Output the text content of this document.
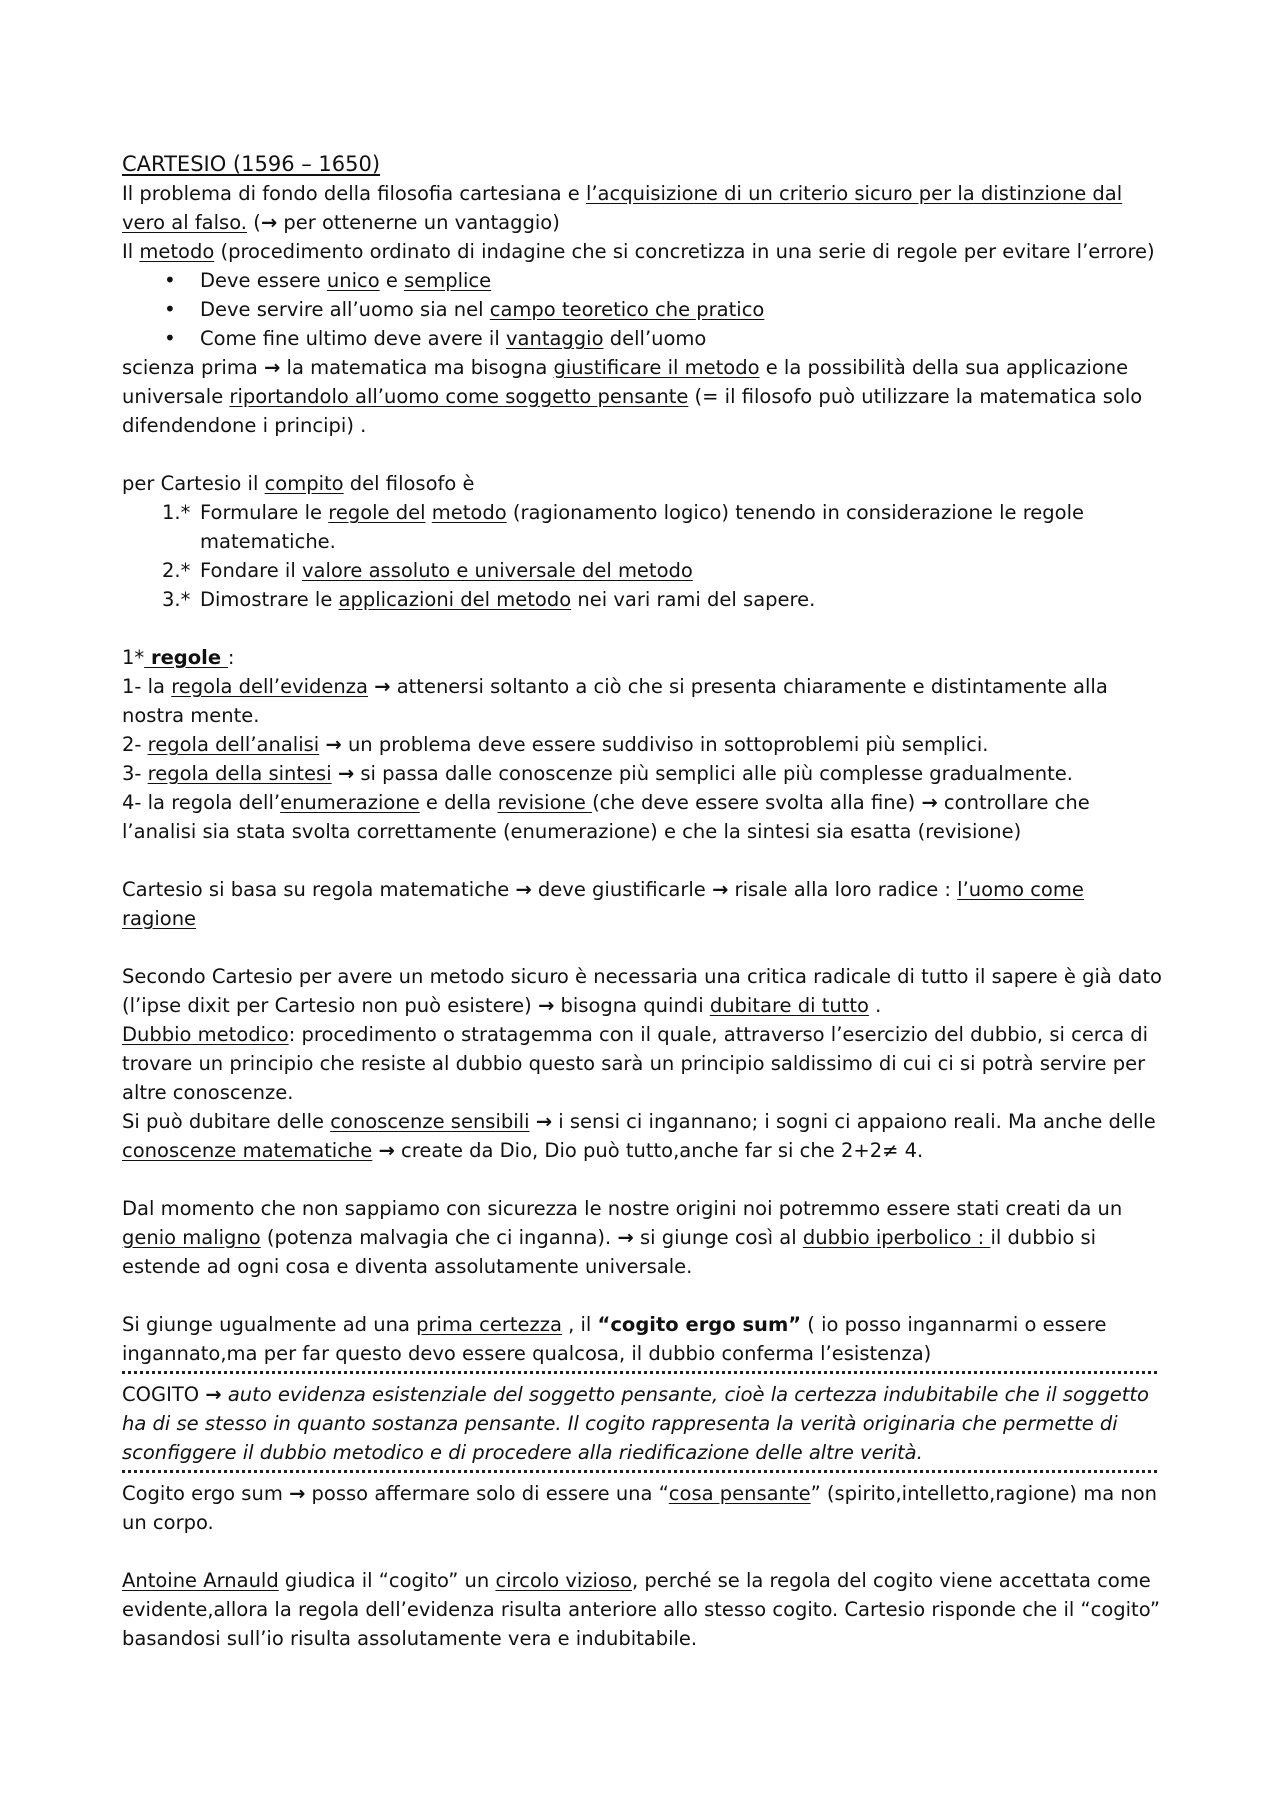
CARTESIO (1596 – 1650)

Il problema di fondo della filosofia cartesiana e l’acquisizione di un criterio sicuro per la distinzione dal vero al falso. (→ per ottenerne un vantaggio)

Il metodo (procedimento ordinato di indagine che si concretizza in una serie di regole per evitare l’errore)

• Deve essere unico e semplice
• Deve servire all’uomo sia nel campo teoretico che pratico
• Come fine ultimo deve avere il vantaggio dell’uomo

scienza prima → la matematica ma bisogna giustificare il metodo e la possibilità della sua applicazione universale riportandolo all’uomo come soggetto pensante (= il filosofo può utilizzare la matematica solo difendendone i principi) .

per Cartesio il compito del filosofo è

1.* Formulare le regole del metodo (ragionamento logico) tenendo in considerazione le regole matematiche.
2.* Fondare il valore assoluto e universale del metodo
3.* Dimostrare le applicazioni del metodo nei vari rami del sapere.

1* regole :

1- la regola dell’evidenza → attenersi soltanto a ciò che si presenta chiaramente e distintamente alla nostra mente.

2- regola dell’analisi → un problema deve essere suddiviso in sottoproblemi più semplici.

3- regola della sintesi → si passa dalle conoscenze più semplici alle più complesse gradualmente.

4- la regola dell’enumerazione e della revisione (che deve essere svolta alla fine) → controllare che l’analisi sia stata svolta correttamente (enumerazione) e che la sintesi sia esatta (revisione)

Cartesio si basa su regola matematiche → deve giustificarle → risale alla loro radice : l’uomo come ragione

Secondo Cartesio per avere un metodo sicuro è necessaria una critica radicale di tutto il sapere è già dato (l’ipse dixit per Cartesio non può esistere) → bisogna quindi dubitare di tutto .

Dubbio metodico: procedimento o stratagemma con il quale, attraverso l’esercizio del dubbio, si cerca di trovare un principio che resiste al dubbio questo sarà un principio saldissimo di cui ci si potrà servire per altre conoscenze.

Si può dubitare delle conoscenze sensibili → i sensi ci ingannano; i sogni ci appaiono reali. Ma anche delle conoscenze matematiche → create da Dio, Dio può tutto,anche far si che 2+2≠ 4.

Dal momento che non sappiamo con sicurezza le nostre origini noi potremmo essere stati creati da un genio maligno (potenza malvagia che ci inganna). → si giunge così al dubbio iperbolico : il dubbio si estende ad ogni cosa e diventa assolutamente universale.

Si giunge ugualmente ad una prima certezza , il “cogito ergo sum” ( io posso ingannarmi o essere ingannato,ma per far questo devo essere qualcosa, il dubbio conferma l’esistenza)

COGITO → auto evidenza esistenziale del soggetto pensante, cioè la certezza indubitabile che il soggetto ha di se stesso in quanto sostanza pensante. Il cogito rappresenta la verità originaria che permette di sconfiggere il dubbio metodico e di procedere alla riedificazione delle altre verità.

Cogito ergo sum → posso affermare solo di essere una “cosa pensante” (spirito,intelletto,ragione) ma non un corpo.

Antoine Arnauld giudica il “cogito” un circolo vizioso, perché se la regola del cogito viene accettata come evidente,allora la regola dell’evidenza risulta anteriore allo stesso cogito. Cartesio risponde che il “cogito” basandosi sull’io risulta assolutamente vera e indubitabile.
